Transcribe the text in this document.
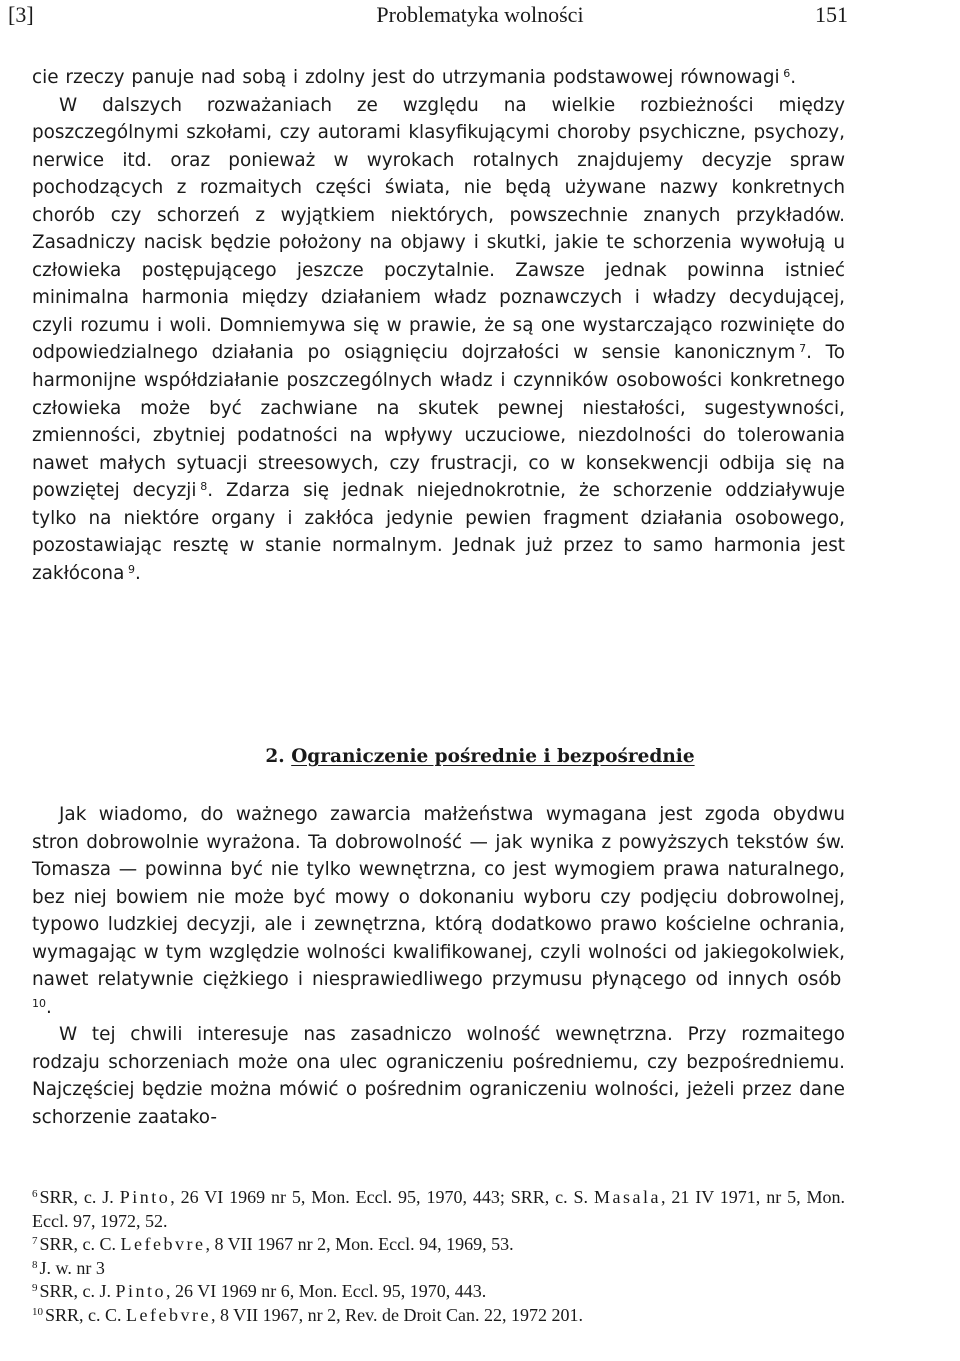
[3]	Problematyka wolności	151

cie rzeczy panuje nad sobą i zdolny jest do utrzymania podstawowej równowagi  $^6$.

W dalszych rozważaniach ze względu na wielkie rozbieżności między poszczególnymi szkołami, czy autorami klasyfikującymi choroby psychiczne, psychozy, nerwice itd. oraz ponieważ w wyrokach rotalnych znajdujemy decyzje spraw pochodzących z rozmaitych części świata, nie będą używane nazwy konkretnych chorób czy schorzeń z wyjątkiem niektórych, powszechnie znanych przykładów. Zasadniczy nacisk będzie położony na objawy i skutki, jakie te schorzenia wywołują u człowieka postępującego jeszcze poczytalnie. Zawsze jednak powinna istnieć minimalna harmonia między działaniem władz poznawczych i władzy decydującej, czyli rozumu i woli. Domniemywa się w prawie, że są one wystarczająco rozwinięte do odpowiedzialnego działania po osiągnięciu dojrzałości w sensie kanonicznym  $^7$. To harmonijne współdziałanie poszczególnych władz i czynników osobowości konkretnego człowieka może być zachwiane na skutek pewnej niestałości, sugestywności, zmienności, zbytniej podatności na wpływy uczuciowe, niezdolności do tolerowania nawet małych sytuacji streesowych, czy frustracji, co w konsekwencji odbija się na powziętej decyzji  $^8$. Zdarza się jednak niejednokrotnie, że schorzenie oddziaływuje tylko na niektóre organy i zakłóca jedynie pewien fragment działania osobowego, pozostawiając resztę w stanie normalnym. Jednak już przez to samo harmonia jest zakłócona  $^9$.

2. Ograniczenie pośrednie i bezpośrednie

Jak wiadomo, do ważnego zawarcia małżeństwa wymagana jest zgoda obydwu stron dobrowolnie wyrażona. Ta dobrowolność — jak wynika z powyższych tekstów św. Tomasza — powinna być nie tylko wewnętrzna, co jest wymogiem prawa naturalnego, bez niej bowiem nie może być mowy o dokonaniu wyboru czy podjęciu dobrowolnej, typowo ludzkiej decyzji, ale i zewnętrzna, którą dodatkowo prawo kościelne ochrania, wymagając w tym względzie wolności kwalifikowanej, czyli wolności od jakiegokolwiek, nawet relatywnie ciężkiego i niesprawiedliwego przymusu płynącego od innych osób $^{10}$.

W tej chwili interesuje nas zasadniczo wolność wewnętrzna. Przy rozmaitego rodzaju schorzeniach może ona ulec ograniczeniu pośredniemu, czy bezpośredniemu. Najczęściej będzie można mówić o pośrednim ograniczeniu wolności, jeżeli przez dane schorzenie zaatako-

$^6$ SRR, c. J. Pinto, 26 VI 1969 nr 5, Mon. Eccl. 95, 1970, 443; SRR, c. S. Masala, 21 IV 1971, nr 5, Mon. Eccl. 97, 1972, 52.

$^7$ SRR, c. C. Lefebvre, 8 VII 1967 nr 2, Mon. Eccl. 94, 1969, 53.

$^8$ J. w. nr 3

$^9$ SRR, c. J. Pinto, 26 VI 1969 nr 6, Mon. Eccl. 95, 1970, 443.

$^{10}$ SRR, c. C. Lefebvre, 8 VII 1967, nr 2, Rev. de Droit Can. 22, 1972 201.
